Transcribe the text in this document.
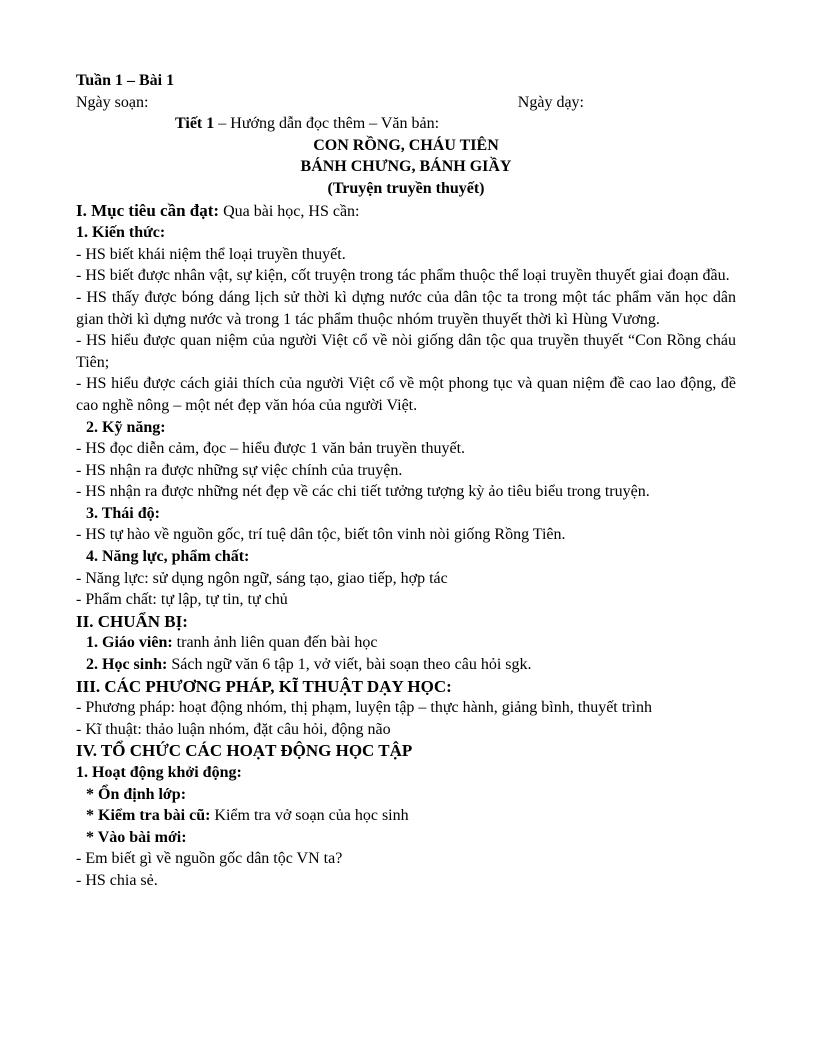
Tuần 1 – Bài 1
Ngày soạn:	Ngày dạy:
Tiết 1 – Hướng dẫn đọc thêm – Văn bản:
CON RỒNG, CHÁU TIÊN
BÁNH CHƯNG, BÁNH GIẦY
(Truyện truyền thuyết)
I. Mục tiêu cần đạt: Qua bài học, HS cần:
1. Kiến thức:
- HS biết khái niệm thể loại truyền thuyết.
- HS biết được nhân vật, sự kiện, cốt truyện trong tác phẩm thuộc thể loại truyền thuyết giai đoạn đầu.
- HS thấy được bóng dáng lịch sử thời kì dựng nước của dân tộc ta trong một tác phẩm văn học dân gian thời kì dựng nước và trong 1 tác phẩm thuộc nhóm truyền thuyết thời kì Hùng Vương.
- HS hiểu được quan niệm của người Việt cổ về nòi giống dân tộc qua truyền thuyết “Con Rồng cháu Tiên;
- HS hiểu được cách giải thích của người Việt cổ về một phong tục và quan niệm đề cao lao động, đề cao nghề nông – một nét đẹp văn hóa của người Việt.
2. Kỹ năng:
- HS đọc diễn cảm, đọc – hiểu được 1 văn bản truyền thuyết.
- HS nhận ra được những sự việc chính của truyện.
- HS nhận ra được những nét đẹp về các chi tiết tưởng tượng kỳ ảo tiêu biểu trong truyện.
3. Thái độ:
- HS tự hào về nguồn gốc, trí tuệ dân tộc, biết tôn vinh nòi giống Rồng Tiên.
4. Năng lực, phẩm chất:
- Năng lực: sử dụng ngôn ngữ, sáng tạo, giao tiếp, hợp tác
- Phẩm chất: tự lập, tự tin, tự chủ
II. CHUẨN BỊ:
1. Giáo viên: tranh ảnh liên quan đến bài học
2. Học sinh: Sách ngữ văn 6 tập 1, vở viết, bài soạn theo câu hỏi sgk.
III. CÁC PHƯƠNG PHÁP, KĨ THUẬT DẠY HỌC:
- Phương pháp: hoạt động nhóm, thị phạm, luyện tập – thực hành, giảng bình, thuyết trình
- Kĩ thuật: thảo luận nhóm, đặt câu hỏi, động não
IV. TỔ CHỨC CÁC HOẠT ĐỘNG HỌC TẬP
1. Hoạt động khởi động:
* Ổn định lớp:
* Kiểm tra bài cũ: Kiểm tra vở soạn của học sinh
* Vào bài mới:
- Em biết gì về nguồn gốc dân tộc VN ta?
- HS chia sẻ.
